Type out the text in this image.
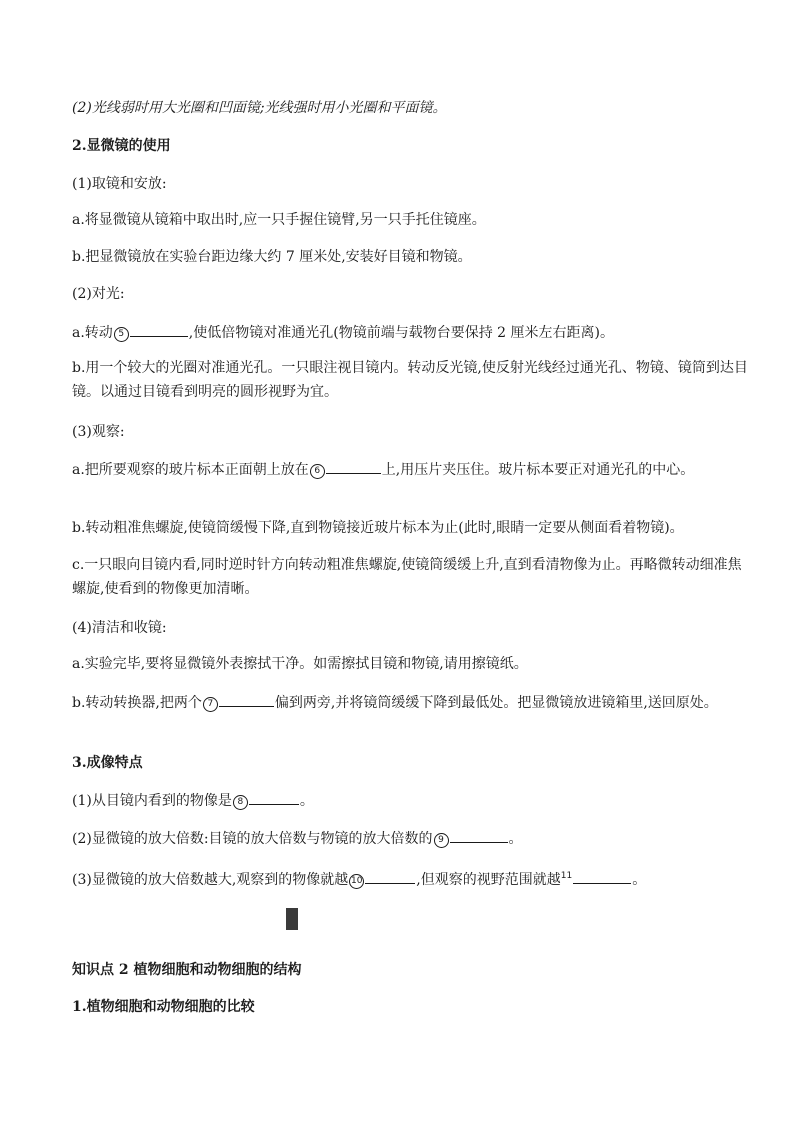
(2)光线弱时用大光圈和凹面镜;光线强时用小光圈和平面镜。
2.显微镜的使用
(1)取镜和安放:
a.将显微镜从镜箱中取出时,应一只手握住镜臂,另一只手托住镜座。
b.把显微镜放在实验台距边缘大约 7 厘米处,安装好目镜和物镜。
(2)对光:
a.转动 5	,使低倍物镜对准通光孔(物镜前端与载物台要保持 2 厘米左右距离)。
b.用一个较大的光圈对准通光孔。一只眼注视目镜内。转动反光镜,使反射光线经过通光孔、物镜、镜筒到达目镜。以通过目镜看到明亮的圆形视野为宜。
(3)观察:
a.把所要观察的玻片标本正面朝上放在 6	上,用压片夹压住。玻片标本要正对通光孔的中心。
b.转动粗准焦螺旋,使镜筒缓慢下降,直到物镜接近玻片标本为止(此时,眼睛一定要从侧面看着物镜)。
c.一只眼向目镜内看,同时逆时针方向转动粗准焦螺旋,使镜筒缓缓上升,直到看清物像为止。再略微转动细准焦螺旋,使看到的物像更加清晰。
(4)清洁和收镜:
a.实验完毕,要将显微镜外表擦拭干净。如需擦拭目镜和物镜,请用擦镜纸。
b.转动转换器,把两个 7	偏到两旁,并将镜筒缓缓下降到最低处。把显微镜放进镜箱里,送回原处。
3.成像特点
(1)从目镜内看到的物像是 8	。
(2)显微镜的放大倍数:目镜的放大倍数与物镜的放大倍数的 9	。
(3)显微镜的放大倍数越大,观察到的物像就越 10	,但观察的视野范围就越$^{11}$	。
知识点 2 植物细胞和动物细胞的结构
1.植物细胞和动物细胞的比较
